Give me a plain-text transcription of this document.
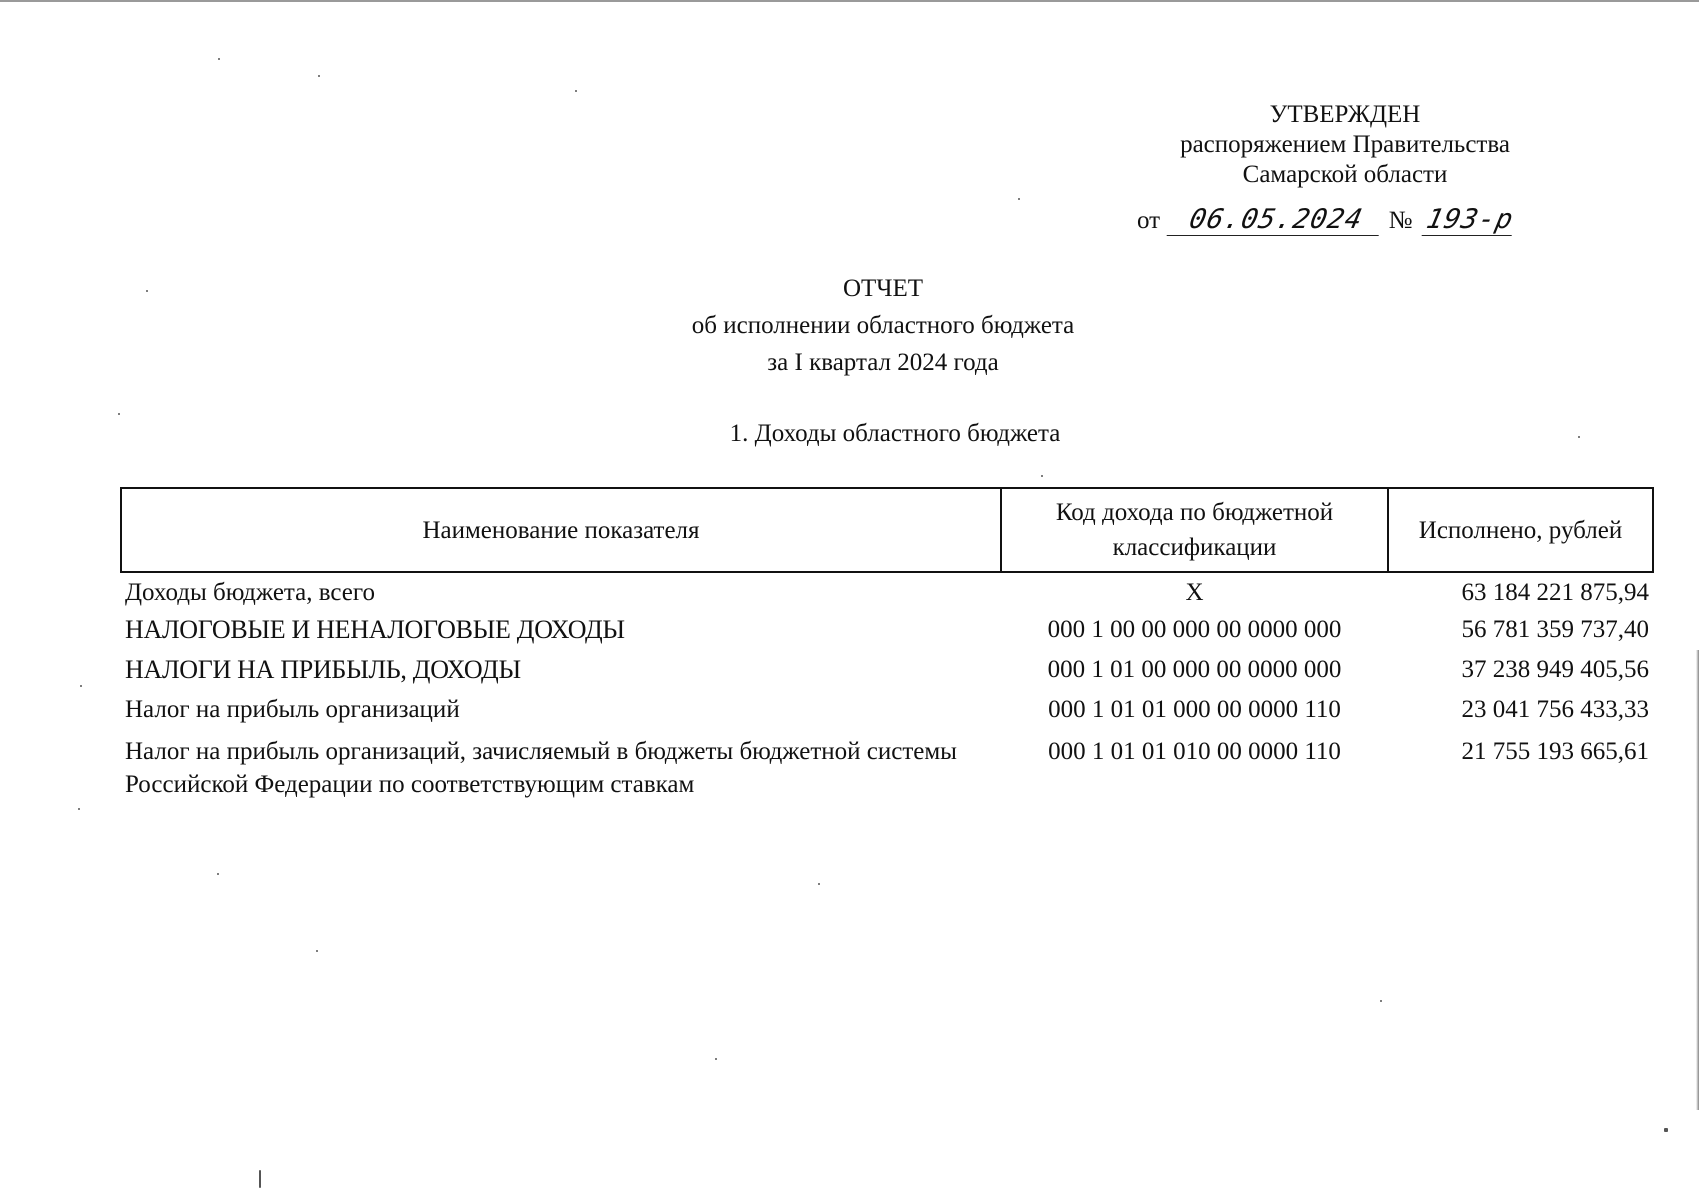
УТВЕРЖДЕН
распоряжением Правительства
Самарской области
от 06.05.2024 № 193-р
ОТЧЕТ
об исполнении областного бюджета
за I квартал 2024 года
1. Доходы областного бюджета
Наименование показателя	Код дохода по бюджетной классификации	Исполнено, рублей
Доходы бюджета, всего	X	63 184 221 875,94
НАЛОГОВЫЕ И НЕНАЛОГОВЫЕ ДОХОДЫ	000 1 00 00 000 00 0000 000	56 781 359 737,40
НАЛОГИ НА ПРИБЫЛЬ, ДОХОДЫ	000 1 01 00 000 00 0000 000	37 238 949 405,56
Налог на прибыль организаций	000 1 01 01 000 00 0000 110	23 041 756 433,33
Налог на прибыль организаций, зачисляемый в бюджеты бюджетной системы Российской Федерации по соответствующим ставкам	000 1 01 01 010 00 0000 110	21 755 193 665,61
